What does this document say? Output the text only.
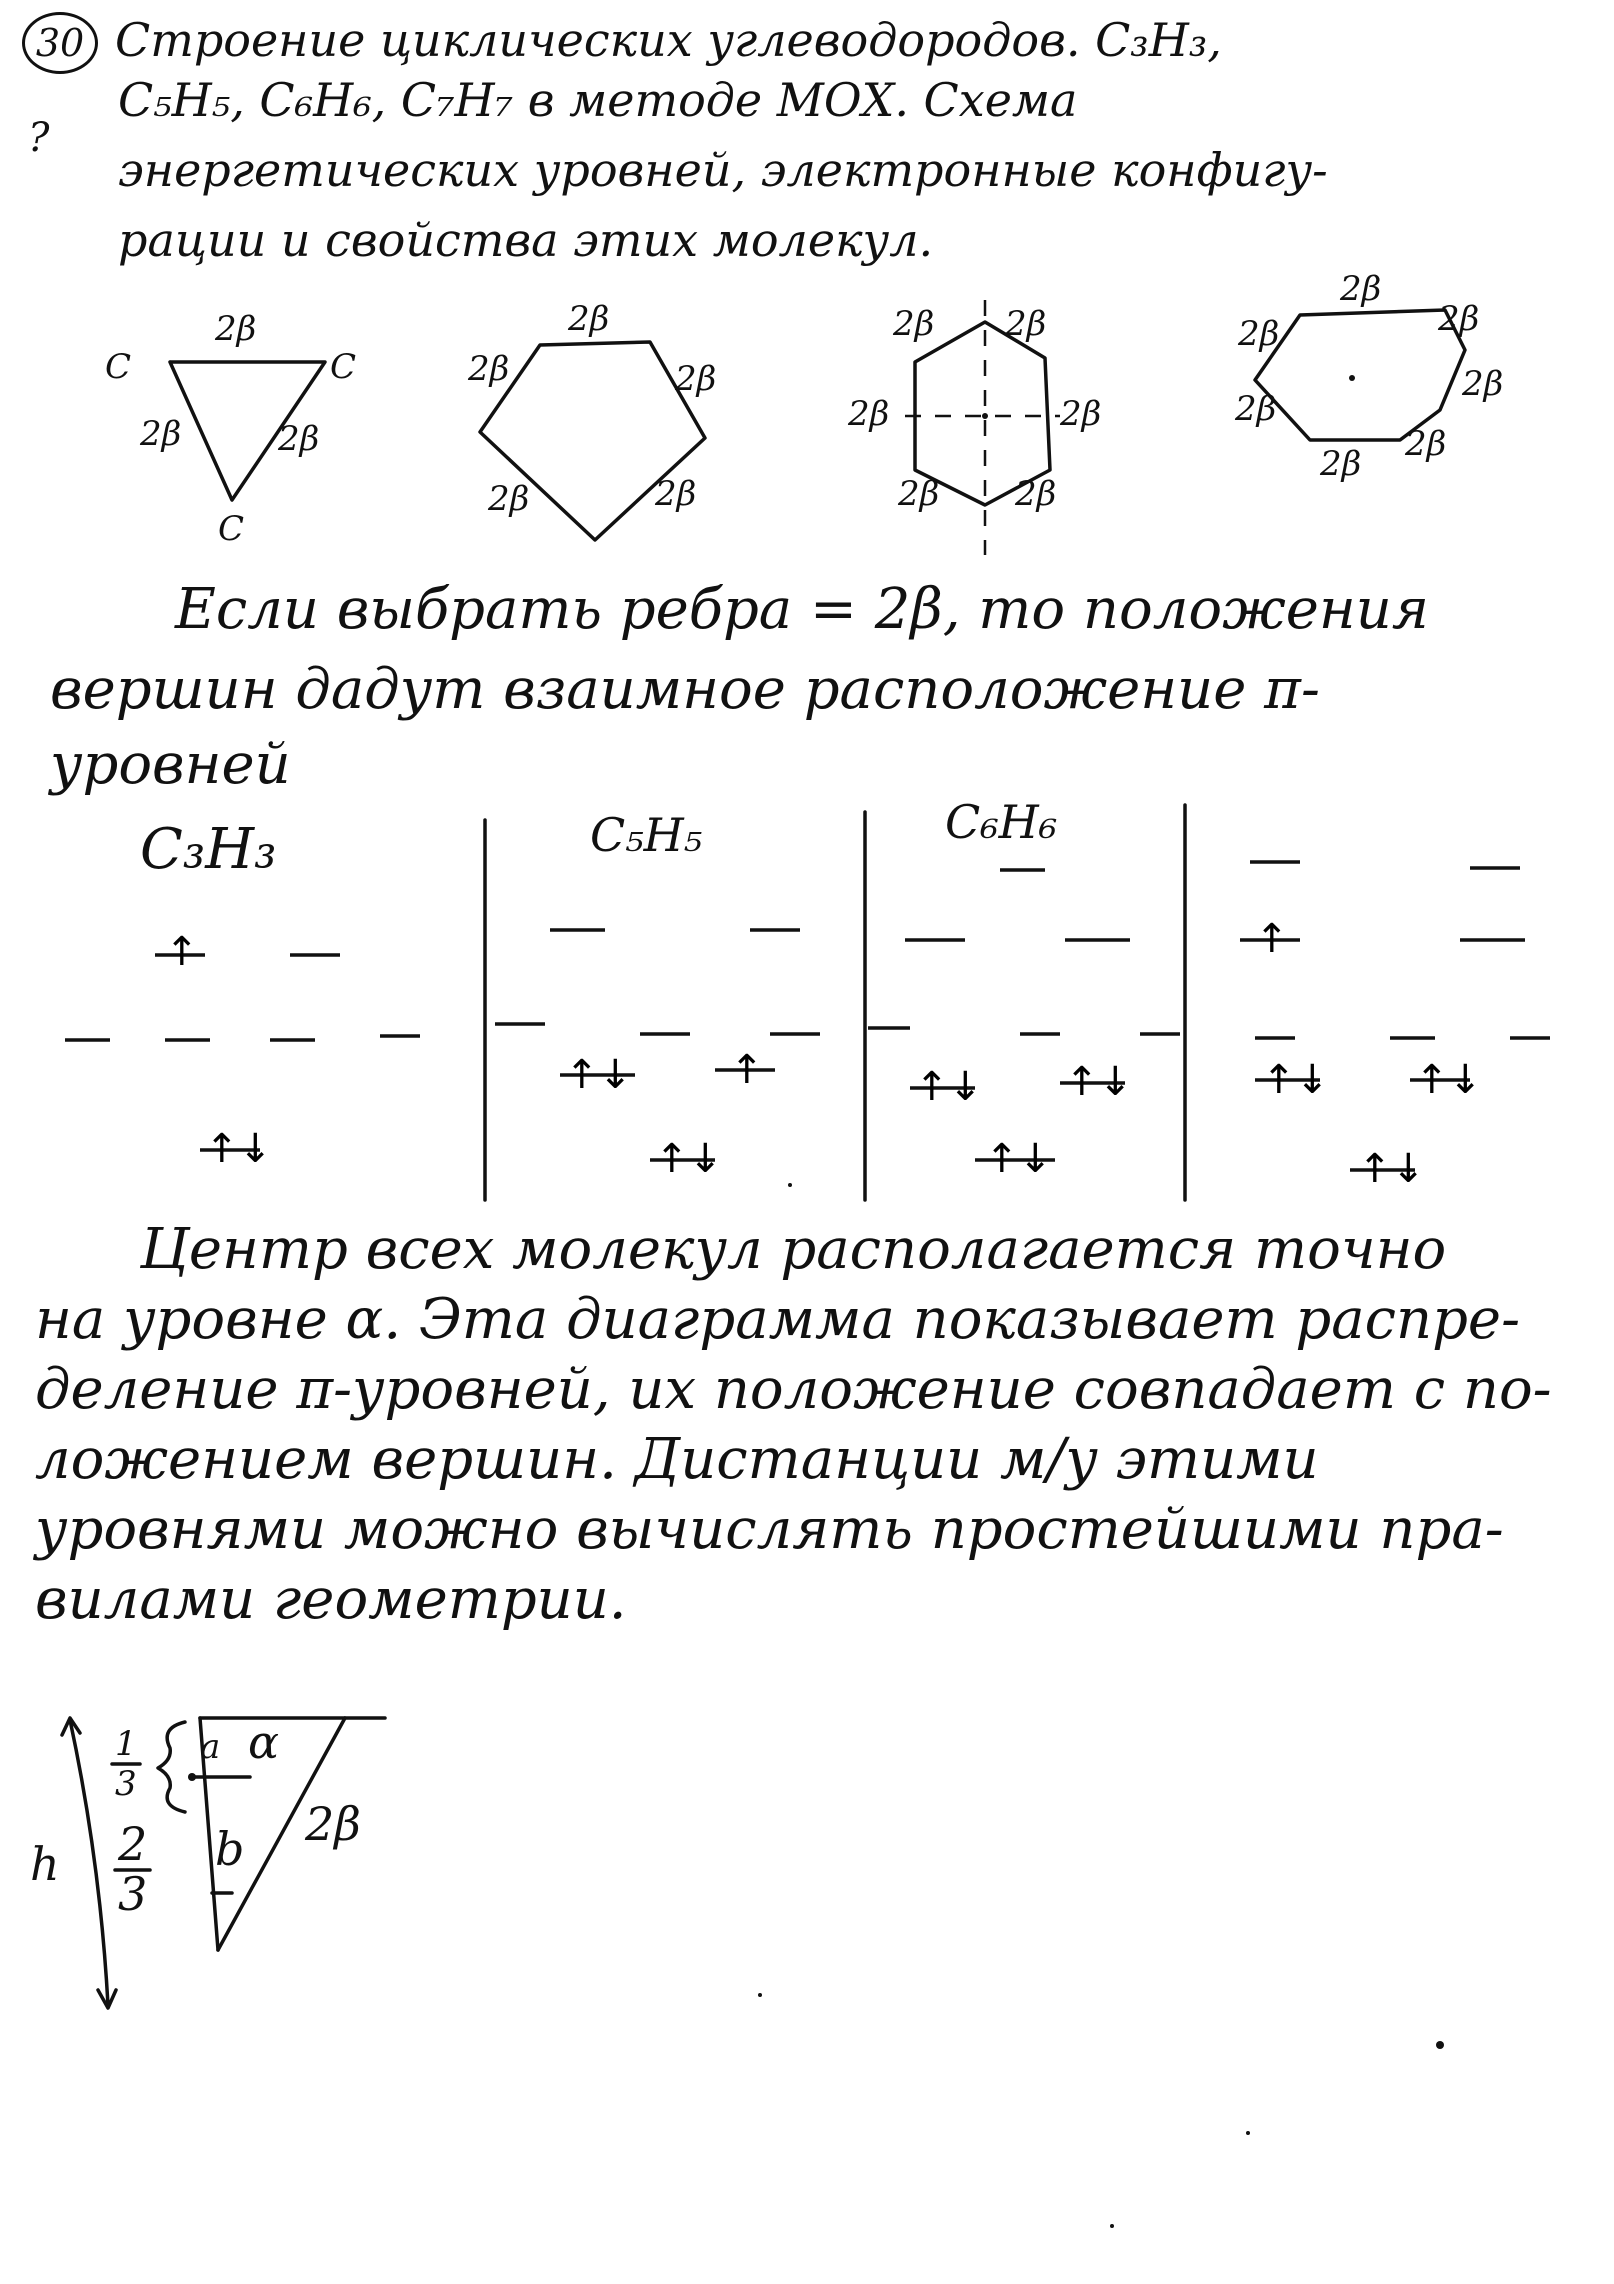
30 Строение циклических углеводородов. C₃H₃,
C₅H₅, C₆H₆, C₇H₇ в методе МОХ. Схема
?
энергетических уровней, электронные конфигу-
рации и свойства этих молекул.
C	C
C
2β
2β	2β
2β
2β	2β
2β	2β
2β 2β
2β	2β
2β 2β
2β
2β	2β
2β
2β
2β 2β
Если выбрать ребра = 2β, то положения
вершин дадут взаимное расположение π-
уровней
C₃H₃	C₅H₅	C₆H₆
↑
↑↓
↑↓ ↑
↑↓
↑↓ ↑↓
↑↓
↑
↑↓ ↑↓
↑↓
Центр всех молекул располагается точно
на уровне α. Эта диаграмма показывает распре-
деление π-уровней, их положение совпадает с по-
ложением вершин. Дистанции м/у этими
уровнями можно вычислять простейшими пра-
вилами геометрии.
h
1
3
2
3
a α
b 2β
